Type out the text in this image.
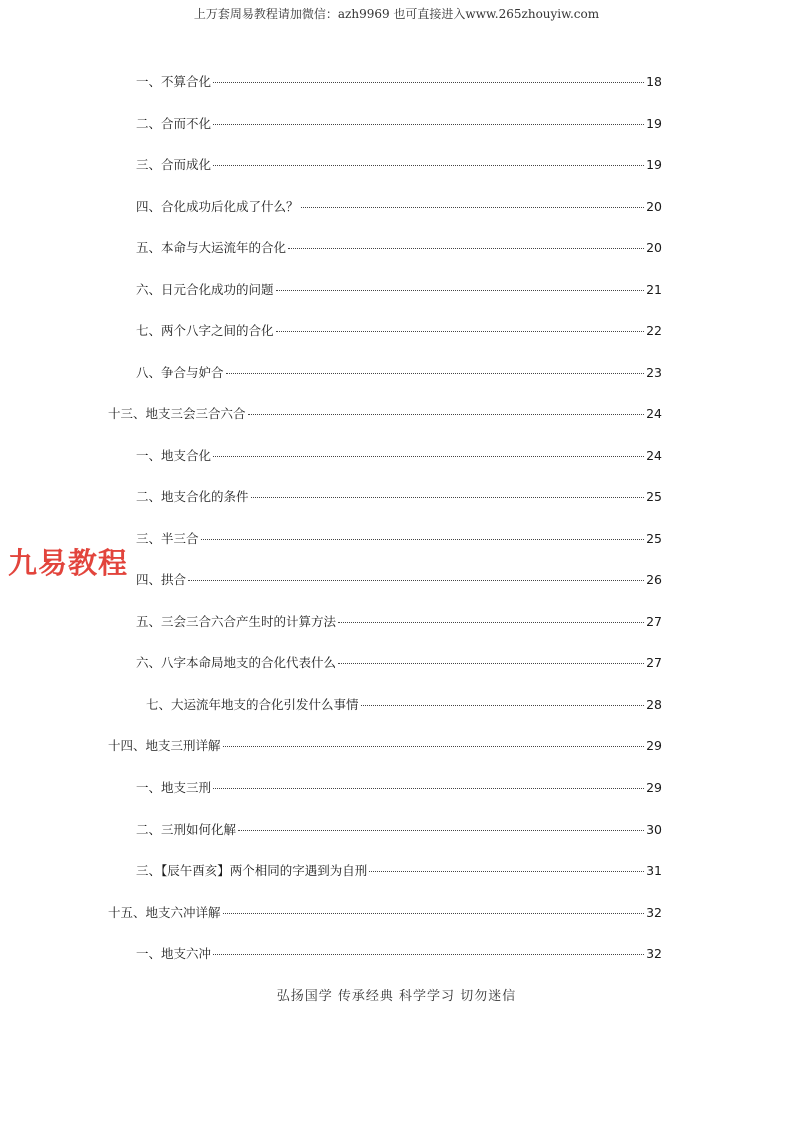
上万套周易教程请加微信：azh9969 也可直接进入www.265zhouyiw.com
一、不算合化	18
二、合而不化	19
三、合而成化	19
四、合化成功后化成了什么？	20
五、本命与大运流年的合化	20
六、日元合化成功的问题	21
七、两个八字之间的合化	22
八、争合与妒合	23
十三、地支三会三合六合	24
一、地支合化	24
二、地支合化的条件	25
三、半三合	25
四、拱合	26
五、三会三合六合产生时的计算方法	27
六、八字本命局地支的合化代表什么	27
七、大运流年地支的合化引发什么事情	28
十四、地支三刑详解	29
一、地支三刑	29
二、三刑如何化解	30
三、【辰午酉亥】两个相同的字遇到为自刑	31
十五、地支六冲详解	32
一、地支六冲	32
九易教程
弘扬国学 传承经典 科学学习 切勿迷信
